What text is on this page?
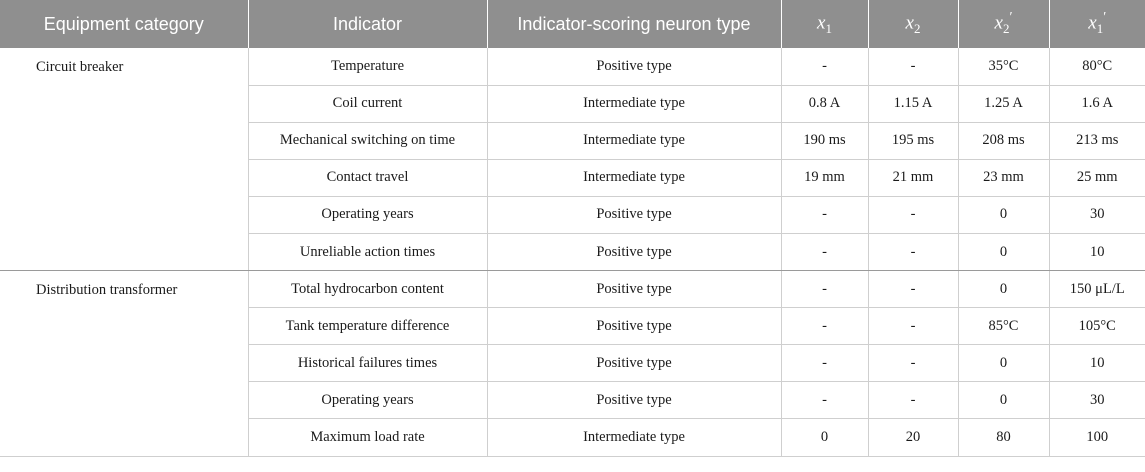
Equipment category	Indicator	Indicator-scoring neuron type	$x_1$	$x_2$	$x_2'$	$x_1'$
Circuit breaker	Temperature	Positive type	-	-	35°C	80°C
	Coil current	Intermediate type	0.8 A	1.15 A	1.25 A	1.6 A
	Mechanical switching on time	Intermediate type	190 ms	195 ms	208 ms	213 ms
	Contact travel	Intermediate type	19 mm	21 mm	23 mm	25 mm
	Operating years	Positive type	-	-	0	30
	Unreliable action times	Positive type	-	-	0	10
Distribution transformer	Total hydrocarbon content	Positive type	-	-	0	150 μL/L
	Tank temperature difference	Positive type	-	-	85°C	105°C
	Historical failures times	Positive type	-	-	0	10
	Operating years	Positive type	-	-	0	30
	Maximum load rate	Intermediate type	0	20	80	100
